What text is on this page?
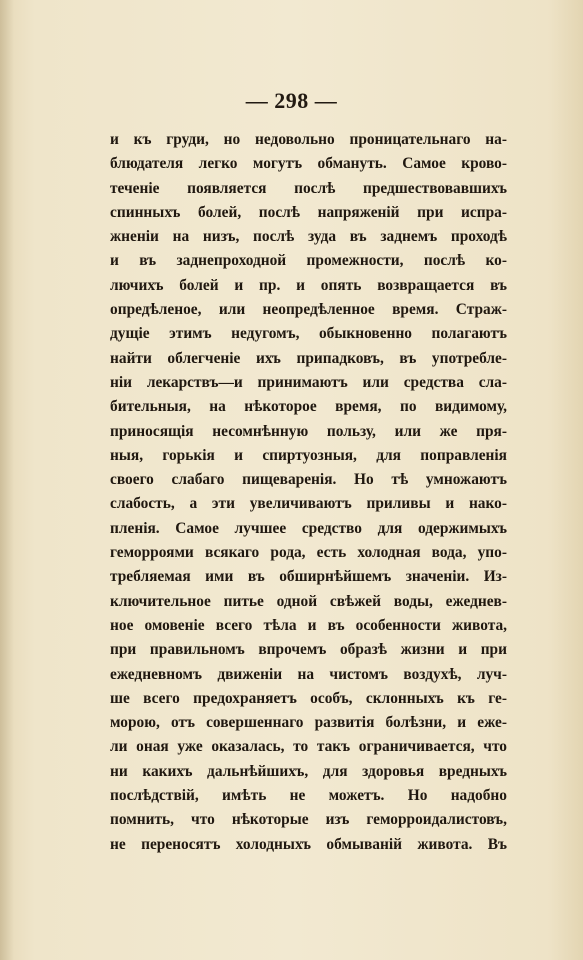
— 298 —
и къ груди, но недовольно проницательнаго на-
блюдателя легко могутъ обмануть. Самое крово-
теченіе появляется послѣ предшествовавшихъ
спинныхъ болей, послѣ напряженій при испра-
жненіи на низъ, послѣ зуда въ заднемъ проходѣ
и въ заднепроходной промежности, послѣ ко-
лючихъ болей и пр. и опять возвращается въ
опредѣленое, или неопредѣленное время. Страж-
дущіе этимъ недугомъ, обыкновенно полагаютъ
найти облегченіе ихъ припадковъ, въ употребле-
ніи лекарствъ—и принимаютъ или средства сла-
бительныя, на нѣкоторое время, по видимому,
приносящія несомнѣнную пользу, или же пря-
ныя, горькія и спиртуозныя, для поправленія
своего слабаго пищеваренія. Но тѣ умножаютъ
слабость, а эти увеличиваютъ приливы и нако-
пленія. Самое лучшее средство для одержимыхъ
геморроями всякаго рода, есть холодная вода, упо-
требляемая ими въ обширнѣйшемъ значеніи. Из-
ключительное питье одной свѣжей воды, ежеднев-
ное омовеніе всего тѣла и въ особенности живота,
при правильномъ впрочемъ образѣ жизни и при
ежедневномъ движеніи на чистомъ воздухѣ, луч-
ше всего предохраняетъ особъ, склонныхъ къ ге-
морою, отъ совершеннаго развитія болѣзни, и еже-
ли оная уже оказалась, то такъ ограничивается, что
ни какихъ дальнѣйшихъ, для здоровья вредныхъ
послѣдствій, имѣть не можетъ. Но надобно
помнить, что нѣкоторые изъ геморроидалистовъ,
не переносятъ холодныхъ обмываній живота. Въ
